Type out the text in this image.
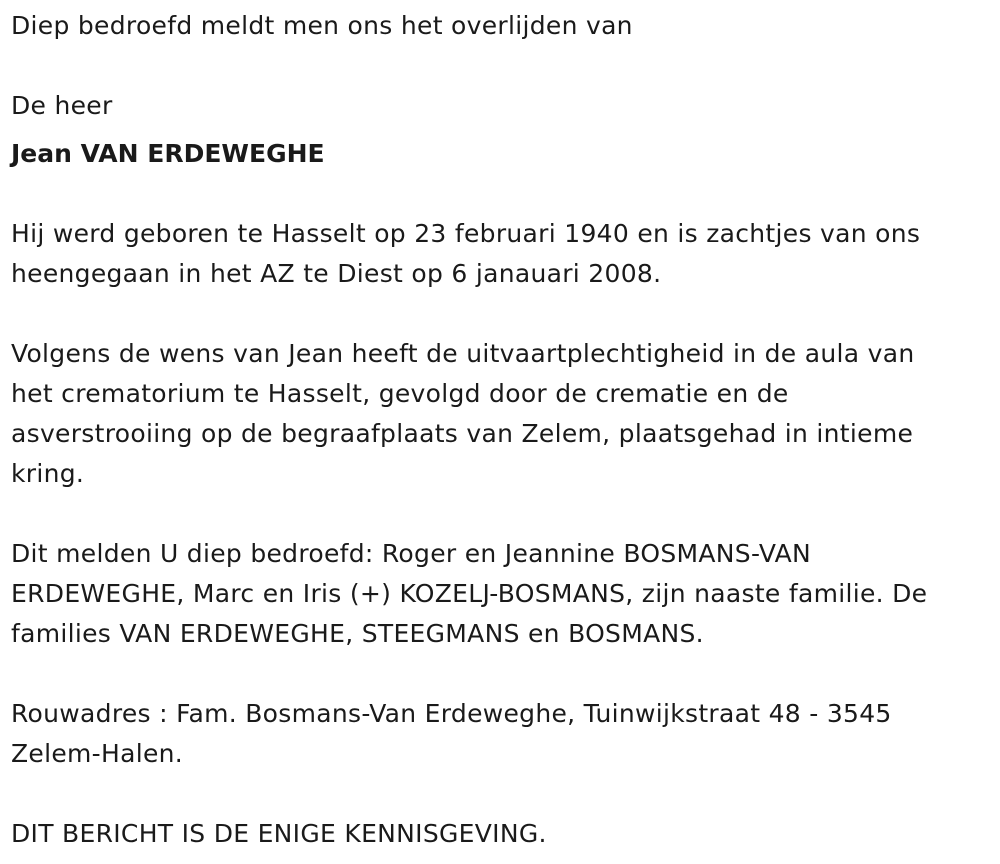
Diep bedroefd meldt men ons het overlijden van
De heer
Jean VAN ERDEWEGHE
Hij werd geboren te Hasselt op 23 februari 1940 en is zachtjes van ons
heengegaan in het AZ te Diest op 6 janauari 2008.
Volgens de wens van Jean heeft de uitvaartplechtigheid in de aula van
het crematorium te Hasselt, gevolgd door de crematie en de
asverstrooiing op de begraafplaats van Zelem, plaatsgehad in intieme
kring.
Dit melden U diep bedroefd: Roger en Jeannine BOSMANS-VAN
ERDEWEGHE, Marc en Iris (+) KOZELJ-BOSMANS, zijn naaste familie. De
families VAN ERDEWEGHE, STEEGMANS en BOSMANS.
Rouwadres : Fam. Bosmans-Van Erdeweghe, Tuinwijkstraat 48 - 3545
Zelem-Halen.
DIT BERICHT IS DE ENIGE KENNISGEVING.
